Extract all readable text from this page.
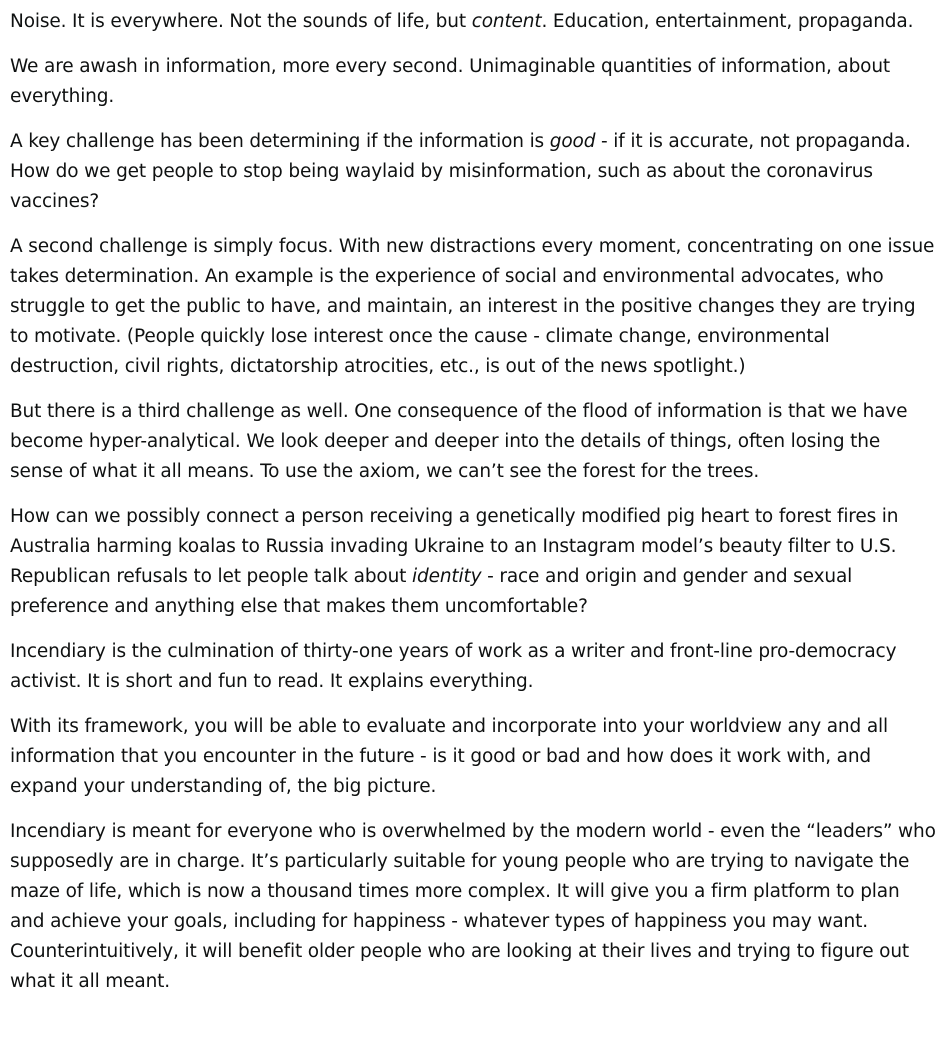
Noise. It is everywhere. Not the sounds of life, but content. Education, entertainment, propaganda.

We are awash in information, more every second. Unimaginable quantities of information, about everything.

A key challenge has been determining if the information is good - if it is accurate, not propaganda. How do we get people to stop being waylaid by misinformation, such as about the coronavirus vaccines?

A second challenge is simply focus. With new distractions every moment, concentrating on one issue takes determination. An example is the experience of social and environmental advocates, who struggle to get the public to have, and maintain, an interest in the positive changes they are trying to motivate. (People quickly lose interest once the cause - climate change, environmental destruction, civil rights, dictatorship atrocities, etc., is out of the news spotlight.)

But there is a third challenge as well. One consequence of the flood of information is that we have become hyper-analytical. We look deeper and deeper into the details of things, often losing the sense of what it all means. To use the axiom, we can’t see the forest for the trees.

How can we possibly connect a person receiving a genetically modified pig heart to forest fires in Australia harming koalas to Russia invading Ukraine to an Instagram model’s beauty filter to U.S. Republican refusals to let people talk about identity - race and origin and gender and sexual preference and anything else that makes them uncomfortable?

Incendiary is the culmination of thirty-one years of work as a writer and front-line pro-democracy activist. It is short and fun to read. It explains everything.

With its framework, you will be able to evaluate and incorporate into your worldview any and all information that you encounter in the future - is it good or bad and how does it work with, and expand your understanding of, the big picture.

Incendiary is meant for everyone who is overwhelmed by the modern world - even the “leaders” who supposedly are in charge. It’s particularly suitable for young people who are trying to navigate the maze of life, which is now a thousand times more complex. It will give you a firm platform to plan and achieve your goals, including for happiness - whatever types of happiness you may want. Counterintuitively, it will benefit older people who are looking at their lives and trying to figure out what it all meant.
